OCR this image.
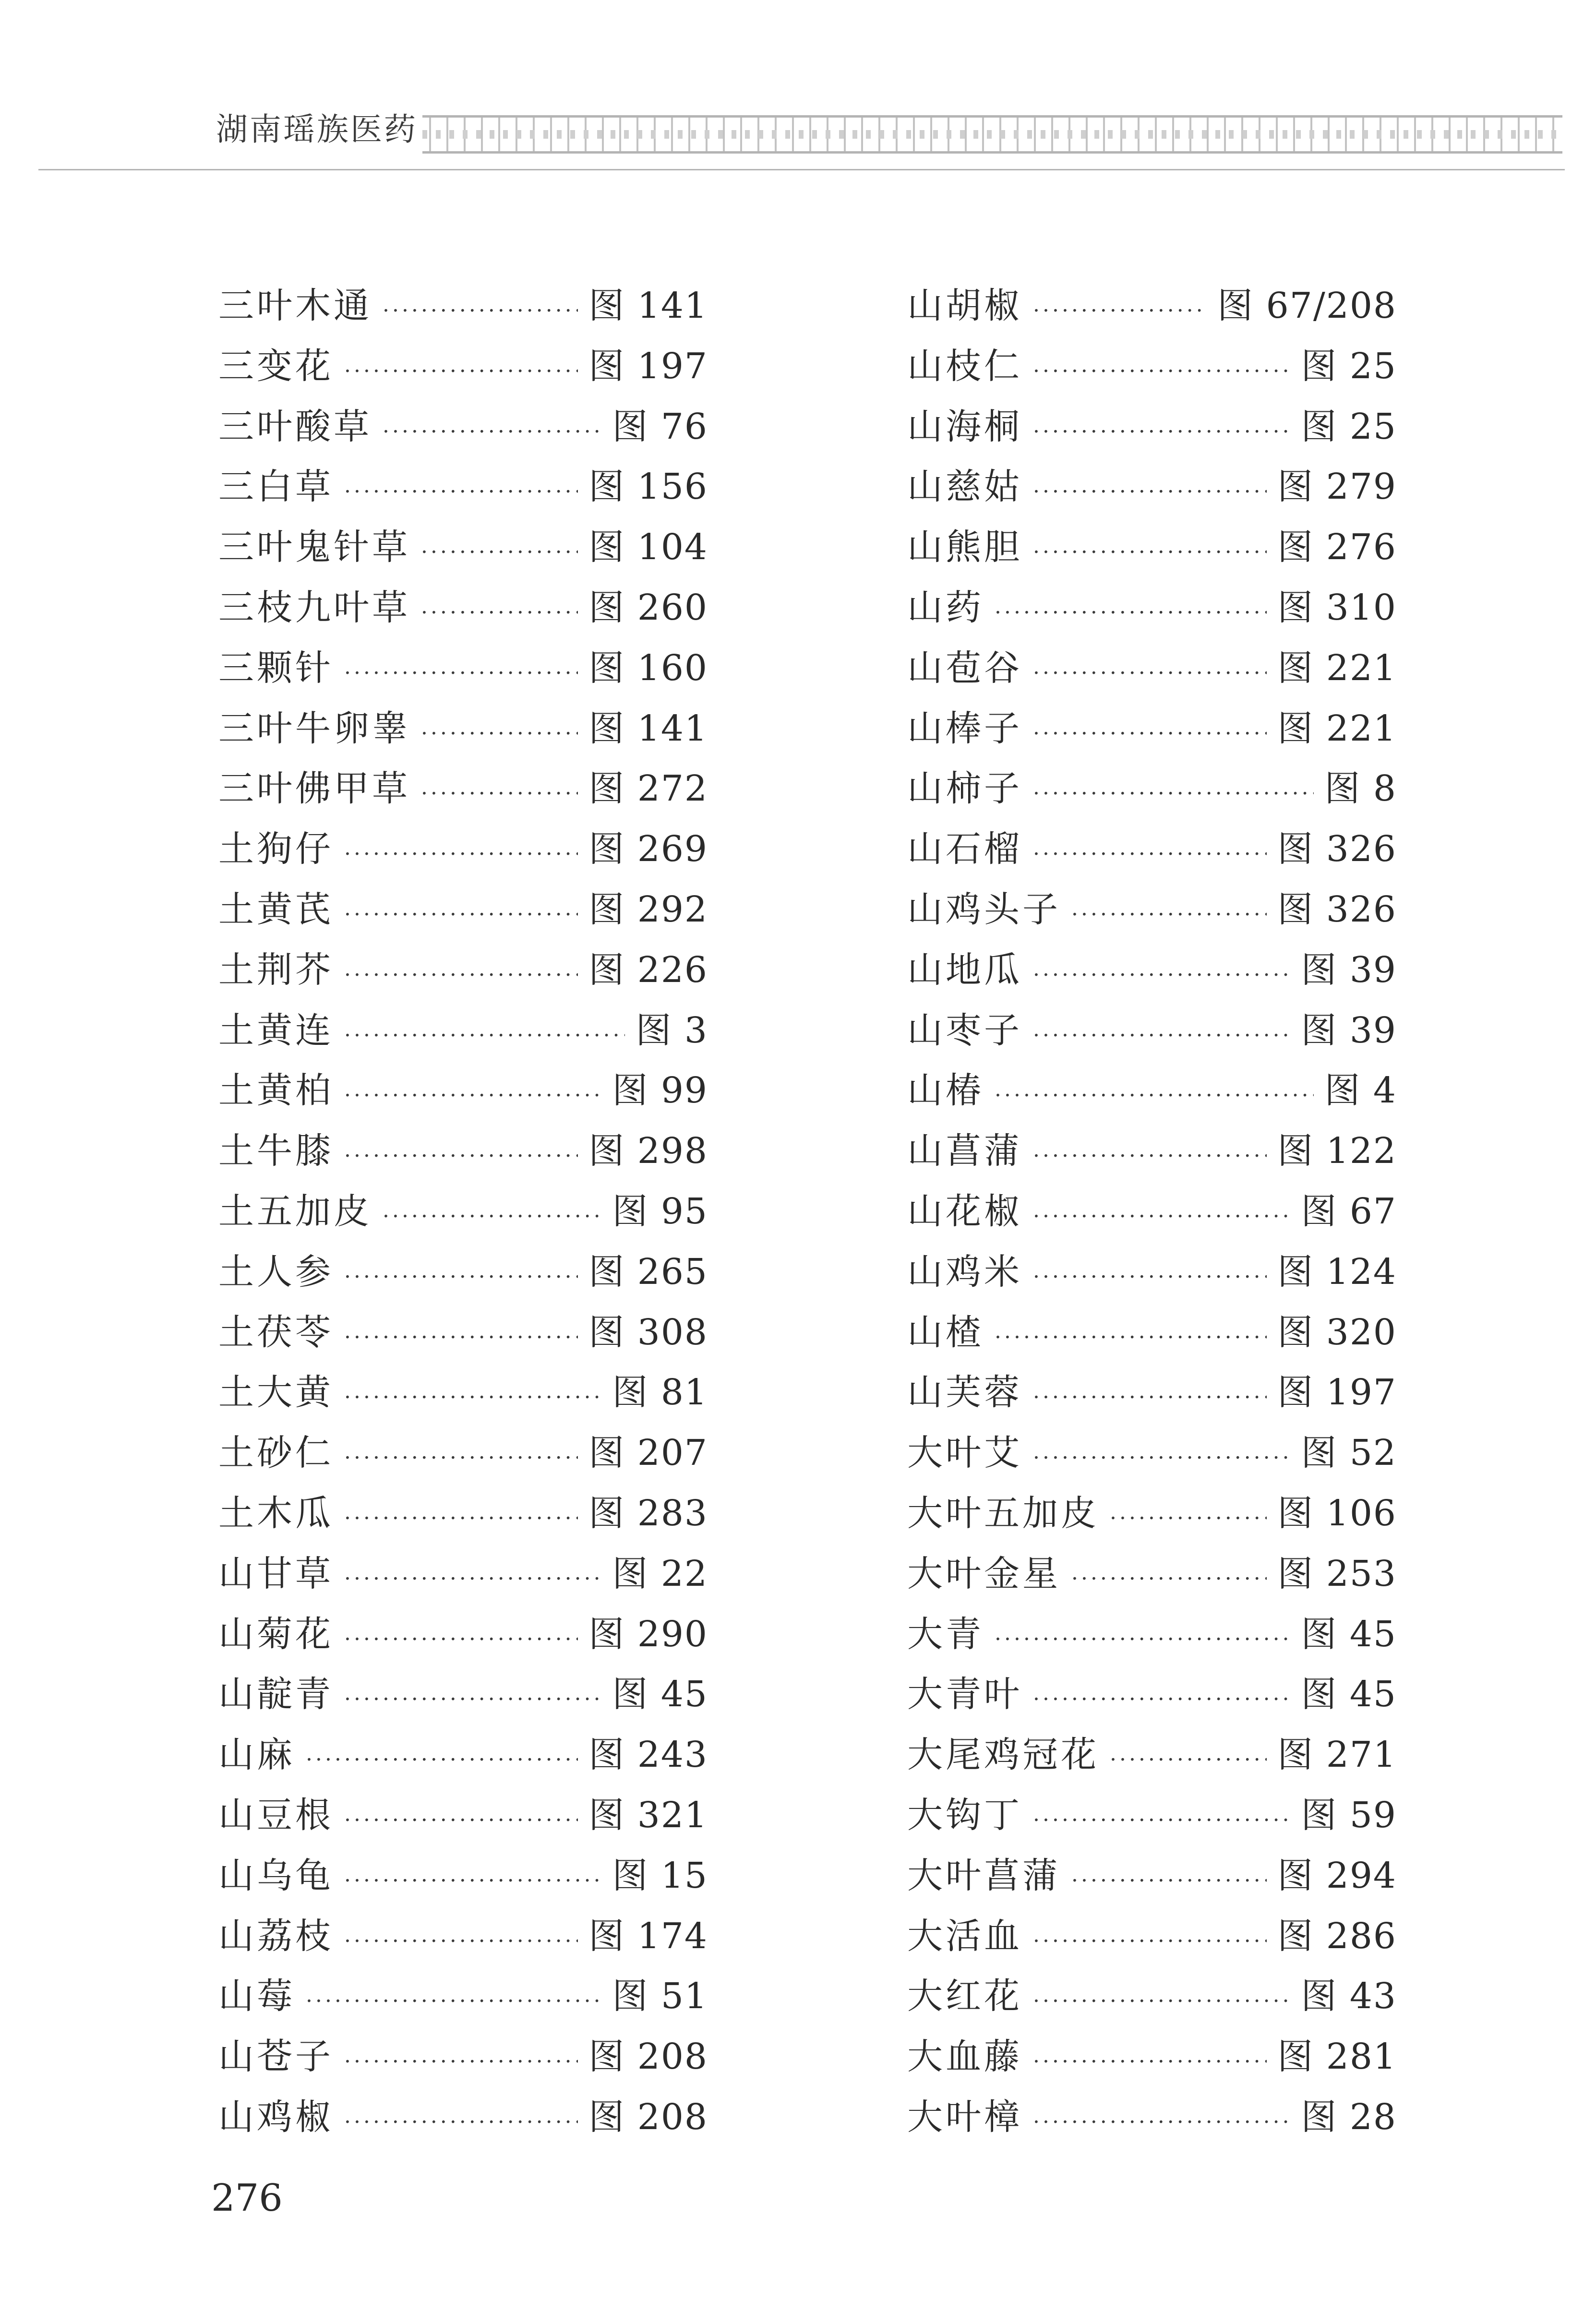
湖南瑶族医药
三叶木通 ·····	图 141
三变花 ·····	图 197
三叶酸草 ·····	图 76
三白草 ·····	图 156
三叶鬼针草 ·····	图 104
三枝九叶草 ·····	图 260
三颗针 ·····	图 160
三叶牛卵睾 ·····	图 141
三叶佛甲草 ·····	图 272
土狗仔 ·····	图 269
土黄芪 ·····	图 292
土荆芥 ·····	图 226
土黄连 ·····	图 3
土黄柏 ·····	图 99
土牛膝 ·····	图 298
土五加皮 ·····	图 95
土人参 ·····	图 265
土茯苓 ·····	图 308
土大黄 ·····	图 81
土砂仁 ·····	图 207
土木瓜 ·····	图 283
山甘草 ·····	图 22
山菊花 ·····	图 290
山靛青 ·····	图 45
山麻 ·····	图 243
山豆根 ·····	图 321
山乌龟 ·····	图 15
山荔枝 ·····	图 174
山莓 ·····	图 51
山苍子 ·····	图 208
山鸡椒 ·····	图 208
山胡椒 ·····	图 67/208
山枝仁 ·····	图 25
山海桐 ·····	图 25
山慈姑 ·····	图 279
山熊胆 ·····	图 276
山药 ·····	图 310
山苞谷 ·····	图 221
山棒子 ·····	图 221
山柿子 ·····	图 8
山石榴 ·····	图 326
山鸡头子 ·····	图 326
山地瓜 ·····	图 39
山枣子 ·····	图 39
山椿 ·····	图 4
山菖蒲 ·····	图 122
山花椒 ·····	图 67
山鸡米 ·····	图 124
山楂 ·····	图 320
山芙蓉 ·····	图 197
大叶艾 ·····	图 52
大叶五加皮 ·····	图 106
大叶金星 ·····	图 253
大青 ·····	图 45
大青叶 ·····	图 45
大尾鸡冠花 ·····	图 271
大钩丁 ·····	图 59
大叶菖蒲 ·····	图 294
大活血 ·····	图 286
大红花 ·····	图 43
大血藤 ·····	图 281
大叶樟 ·····	图 28
276
